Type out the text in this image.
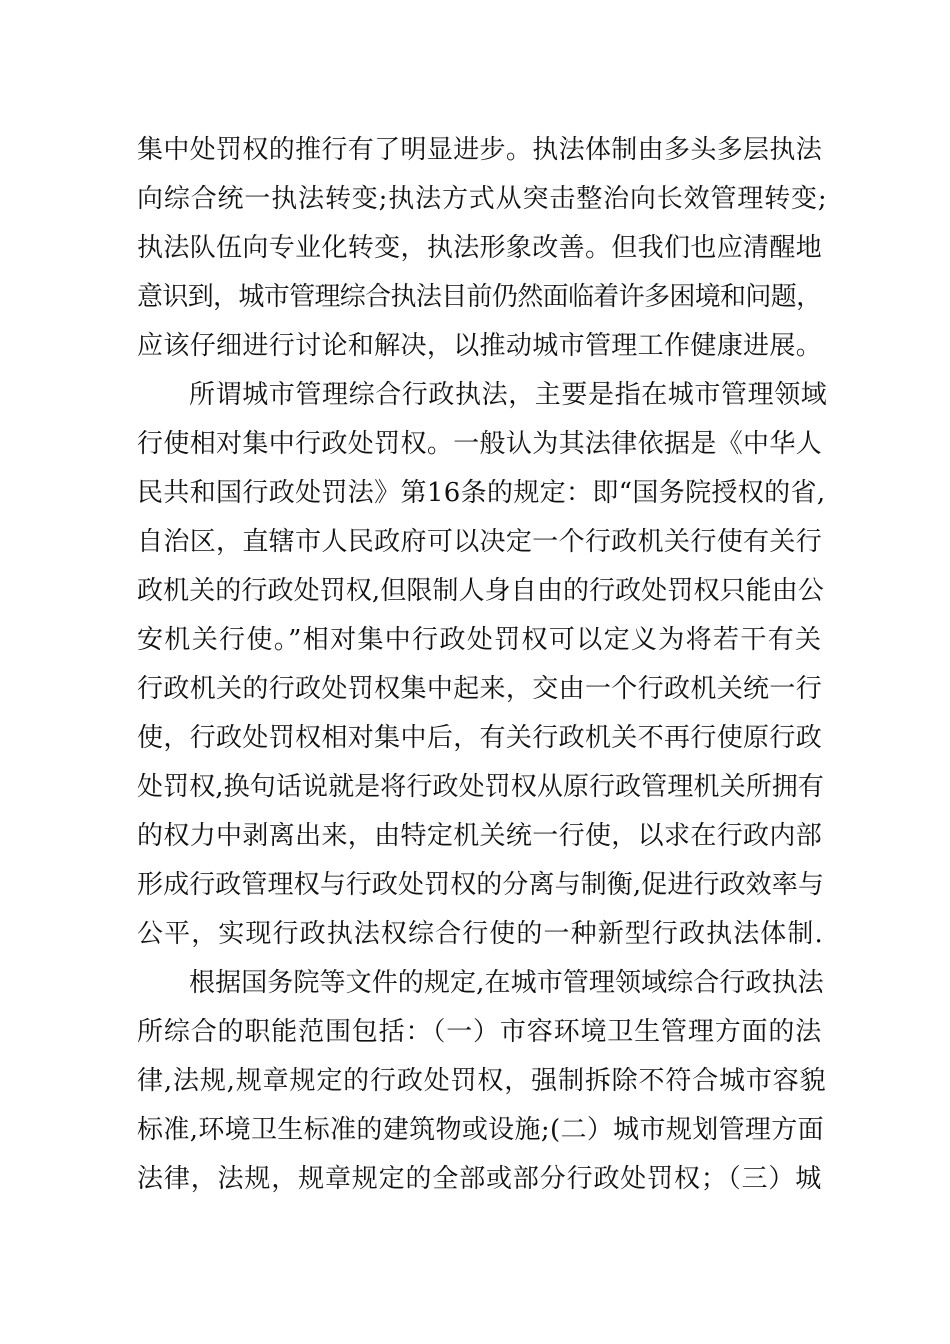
集中处罚权的推行有了明显进步。执法体制由多头多层执法
向综合统一执法转变;执法方式从突击整治向长效管理转变;
执法队伍向专业化转变，执法形象改善。但我们也应清醒地
意识到，城市管理综合执法目前仍然面临着许多困境和问题，
应该仔细进行讨论和解决，以推动城市管理工作健康进展。
所谓城市管理综合行政执法，主要是指在城市管理领域
行使相对集中行政处罚权。一般认为其法律依据是《中华人
民共和国行政处罚法》第16条的规定：即“国务院授权的省,
自治区，直辖市人民政府可以决定一个行政机关行使有关行
政机关的行政处罚权,但限制人身自由的行政处罚权只能由公
安机关行使。”相对集中行政处罚权可以定义为将若干有关
行政机关的行政处罚权集中起来，交由一个行政机关统一行
使，行政处罚权相对集中后，有关行政机关不再行使原行政
处罚权,换句话说就是将行政处罚权从原行政管理机关所拥有
的权力中剥离出来，由特定机关统一行使，以求在行政内部
形成行政管理权与行政处罚权的分离与制衡,促进行政效率与
公平，实现行政执法权综合行使的一种新型行政执法体制.
根据国务院等文件的规定,在城市管理领域综合行政执法
所综合的职能范围包括：（一）市容环境卫生管理方面的法
律,法规,规章规定的行政处罚权，强制拆除不符合城市容貌
标准,环境卫生标准的建筑物或设施;(二）城市规划管理方面
法律，法规，规章规定的全部或部分行政处罚权；（三）城
